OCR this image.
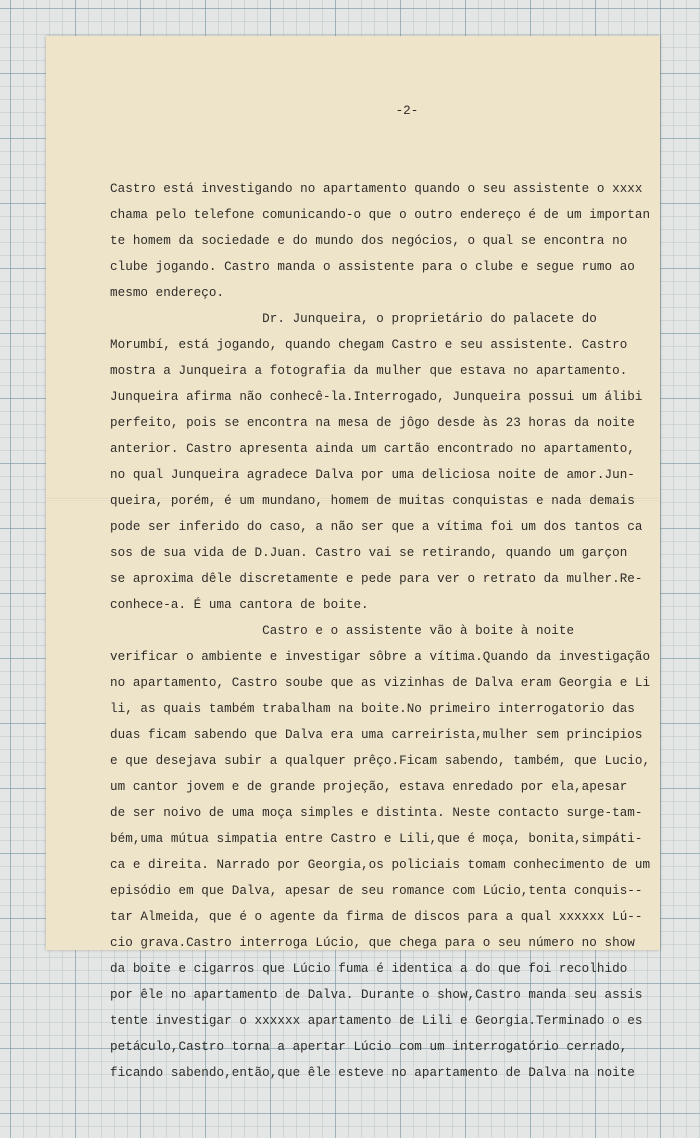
-2-

Castro está investigando no apartamento quando o seu assistente o xxxx
chama pelo telefone comunicando-o que o outro endereço é de um importan
te homem da sociedade e do mundo dos negócios, o qual se encontra no
clube jogando. Castro manda o assistente para o clube e segue rumo ao
mesmo endereço.
Dr. Junqueira, o proprietário do palacete do
Morumbí, está jogando, quando chegam Castro e seu assistente. Castro
mostra a Junqueira a fotografia da mulher que estava no apartamento.
Junqueira afirma não conhecê-la.Interrogado, Junqueira possui um álibi
perfeito, pois se encontra na mesa de jôgo desde às 23 horas da noite
anterior. Castro apresenta ainda um cartão encontrado no apartamento,
no qual Junqueira agradece Dalva por uma deliciosa noite de amor.Jun-
queira, porém, é um mundano, homem de muitas conquistas e nada demais
pode ser inferido do caso, a não ser que a vítima foi um dos tantos ca
sos de sua vida de D.Juan. Castro vai se retirando, quando um garçon
se aproxima dêle discretamente e pede para ver o retrato da mulher.Re-
conhece-a. É uma cantora de boite.
Castro e o assistente vão à boite à noite
verificar o ambiente e investigar sôbre a vítima.Quando da investigação
no apartamento, Castro soube que as vizinhas de Dalva eram Georgia e Li
li, as quais também trabalham na boite.No primeiro interrogatorio das
duas ficam sabendo que Dalva era uma carreirista,mulher sem principios
e que desejava subir a qualquer prêço.Ficam sabendo, também, que Lucio,
um cantor jovem e de grande projeção, estava enredado por ela,apesar
de ser noivo de uma moça simples e distinta. Neste contacto surge-tam-
bém,uma mútua simpatia entre Castro e Lili,que é moça, bonita,simpáti-
ca e direita. Narrado por Georgia,os policiais tomam conhecimento de um
episódio em que Dalva, apesar de seu romance com Lúcio,tenta conquis--
tar Almeida, que é o agente da firma de discos para a qual xxxxxx Lú--
cio grava.Castro interroga Lúcio, que chega para o seu número no show
da boite e cigarros que Lúcio fuma é identica a do que foi recolhido
por êle no apartamento de Dalva. Durante o show,Castro manda seu assis
tente investigar o xxxxxx apartamento de Lili e Georgia.Terminado o es
petáculo,Castro torna a apertar Lúcio com um interrogatório cerrado,
ficando sabendo,então,que êle esteve no apartamento de Dalva na noite
